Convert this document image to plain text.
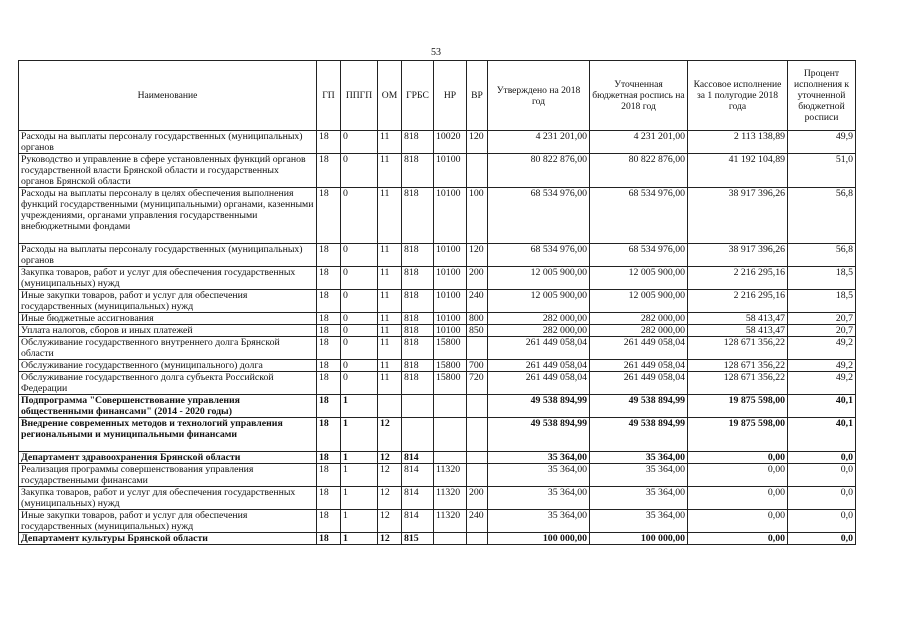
53
Наименование	ГП	ППГП	ОМ	ГРБС	НР	ВР	Утверждено на 2018 год	Уточненная бюджетная роспись на 2018 год	Кассовое исполнение за 1 полугодие 2018 года	Процент исполнения к уточненной бюджетной росписи
Расходы на выплаты персоналу государственных (муниципальных) органов	18	0	11	818	10020	120	4 231 201,00	4 231 201,00	2 113 138,89	49,9
Руководство и управление в сфере установленных функций органов государственной власти Брянской области и государственных органов Брянской области	18	0	11	818	10100		80 822 876,00	80 822 876,00	41 192 104,89	51,0
Расходы на выплаты персоналу в целях обеспечения выполнения функций государственными (муниципальными) органами, казенными учреждениями, органами управления государственными внебюджетными фондами	18	0	11	818	10100	100	68 534 976,00	68 534 976,00	38 917 396,26	56,8
Расходы на выплаты персоналу государственных (муниципальных) органов	18	0	11	818	10100	120	68 534 976,00	68 534 976,00	38 917 396,26	56,8
Закупка товаров, работ и услуг для обеспечения государственных (муниципальных) нужд	18	0	11	818	10100	200	12 005 900,00	12 005 900,00	2 216 295,16	18,5
Иные закупки товаров, работ и услуг для обеспечения государственных (муниципальных) нужд	18	0	11	818	10100	240	12 005 900,00	12 005 900,00	2 216 295,16	18,5
Иные бюджетные ассигнования	18	0	11	818	10100	800	282 000,00	282 000,00	58 413,47	20,7
Уплата налогов, сборов и иных платежей	18	0	11	818	10100	850	282 000,00	282 000,00	58 413,47	20,7
Обслуживание государственного внутреннего долга Брянской области	18	0	11	818	15800		261 449 058,04	261 449 058,04	128 671 356,22	49,2
Обслуживание государственного (муниципального) долга	18	0	11	818	15800	700	261 449 058,04	261 449 058,04	128 671 356,22	49,2
Обслуживание государственного долга субъекта Российской Федерации	18	0	11	818	15800	720	261 449 058,04	261 449 058,04	128 671 356,22	49,2
Подпрограмма "Совершенствование управления общественными финансами" (2014 - 2020 годы)	18	1					49 538 894,99	49 538 894,99	19 875 598,00	40,1
Внедрение современных методов и технологий управления региональными и муниципальными финансами	18	1	12				49 538 894,99	49 538 894,99	19 875 598,00	40,1
Департамент здравоохранения Брянской области	18	1	12	814			35 364,00	35 364,00	0,00	0,0
Реализация программы совершенствования управления государственными финансами	18	1	12	814	11320		35 364,00	35 364,00	0,00	0,0
Закупка товаров, работ и услуг для обеспечения государственных (муниципальных) нужд	18	1	12	814	11320	200	35 364,00	35 364,00	0,00	0,0
Иные закупки товаров, работ и услуг для обеспечения государственных (муниципальных) нужд	18	1	12	814	11320	240	35 364,00	35 364,00	0,00	0,0
Департамент культуры Брянской области	18	1	12	815			100 000,00	100 000,00	0,00	0,0
